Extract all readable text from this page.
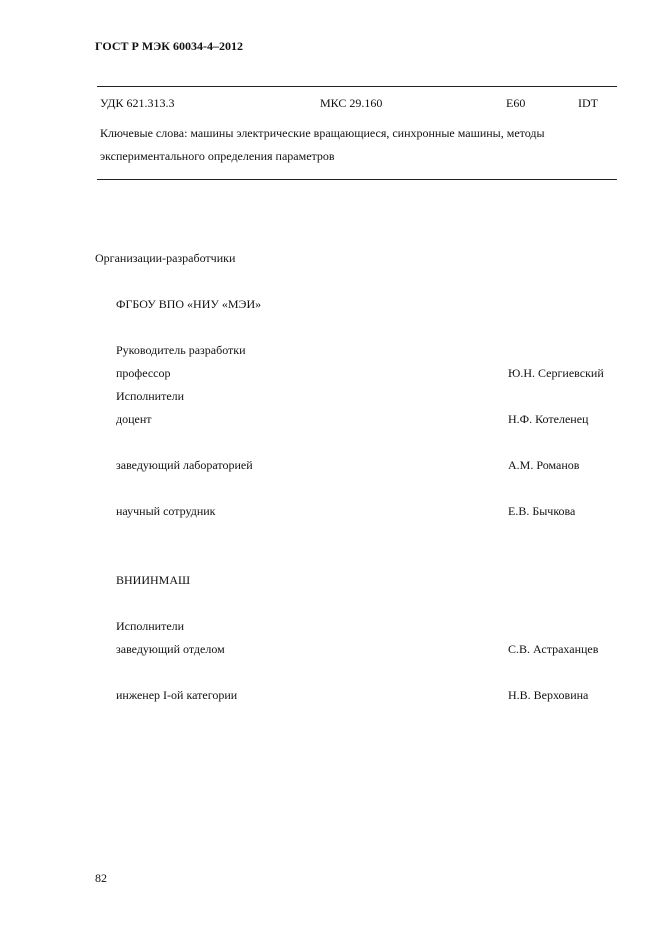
ГОСТ Р МЭК 60034-4–2012
УДК 621.313.3	МКС 29.160	Е60	IDT
Ключевые слова: машины электрические вращающиеся, синхронные машины, методы
экспериментального определения параметров
Организации-разработчики
ФГБОУ ВПО «НИУ «МЭИ»
Руководитель разработки
профессор	Ю.Н. Сергиевский
Исполнители
доцент	Н.Ф. Котеленец
заведующий лабораторией	А.М. Романов
научный сотрудник	Е.В. Бычкова
ВНИИНМАШ
Исполнители
заведующий отделом	С.В. Астраханцев
инженер I-ой категории	Н.В. Верховина
82
